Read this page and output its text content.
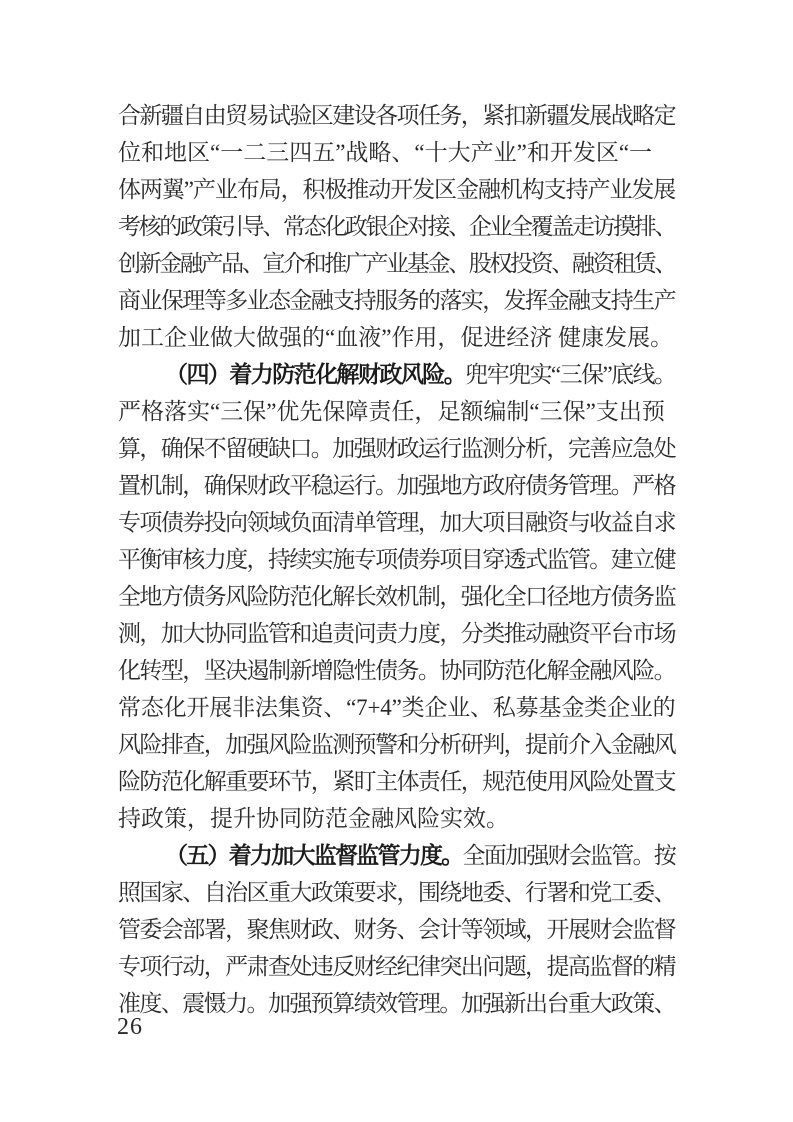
合新疆自由贸易试验区建设各项任务，紧扣新疆发展战略定
位和地区“一二三四五”战略、“十大产业”和开发区“一
体两翼”产业布局，积极推动开发区金融机构支持产业发展
考核的政策引导、常态化政银企对接、企业全覆盖走访摸排、
创新金融产品、宣介和推广产业基金、股权投资、融资租赁、
商业保理等多业态金融支持服务的落实，发挥金融支持生产
加工企业做大做强的“血液”作用，促进经济 健康发展。
（四）着力防范化解财政风险。兜牢兜实“三保”底线。
严格落实“三保”优先保障责任，足额编制“三保”支出预
算，确保不留硬缺口。加强财政运行监测分析，完善应急处
置机制，确保财政平稳运行。加强地方政府债务管理。严格
专项债券投向领域负面清单管理，加大项目融资与收益自求
平衡审核力度，持续实施专项债券项目穿透式监管。建立健
全地方债务风险防范化解长效机制，强化全口径地方债务监
测，加大协同监管和追责问责力度，分类推动融资平台市场
化转型，坚决遏制新增隐性债务。协同防范化解金融风险。
常态化开展非法集资、“7+4”类企业、私募基金类企业的
风险排查，加强风险监测预警和分析研判，提前介入金融风
险防范化解重要环节，紧盯主体责任，规范使用风险处置支
持政策，提升协同防范金融风险实效。
（五）着力加大监督监管力度。全面加强财会监管。按
照国家、自治区重大政策要求，围绕地委、行署和党工委、
管委会部署，聚焦财政、财务、会计等领域，开展财会监督
专项行动，严肃查处违反财经纪律突出问题，提高监督的精
准度、震慑力。加强预算绩效管理。加强新出台重大政策、
26
